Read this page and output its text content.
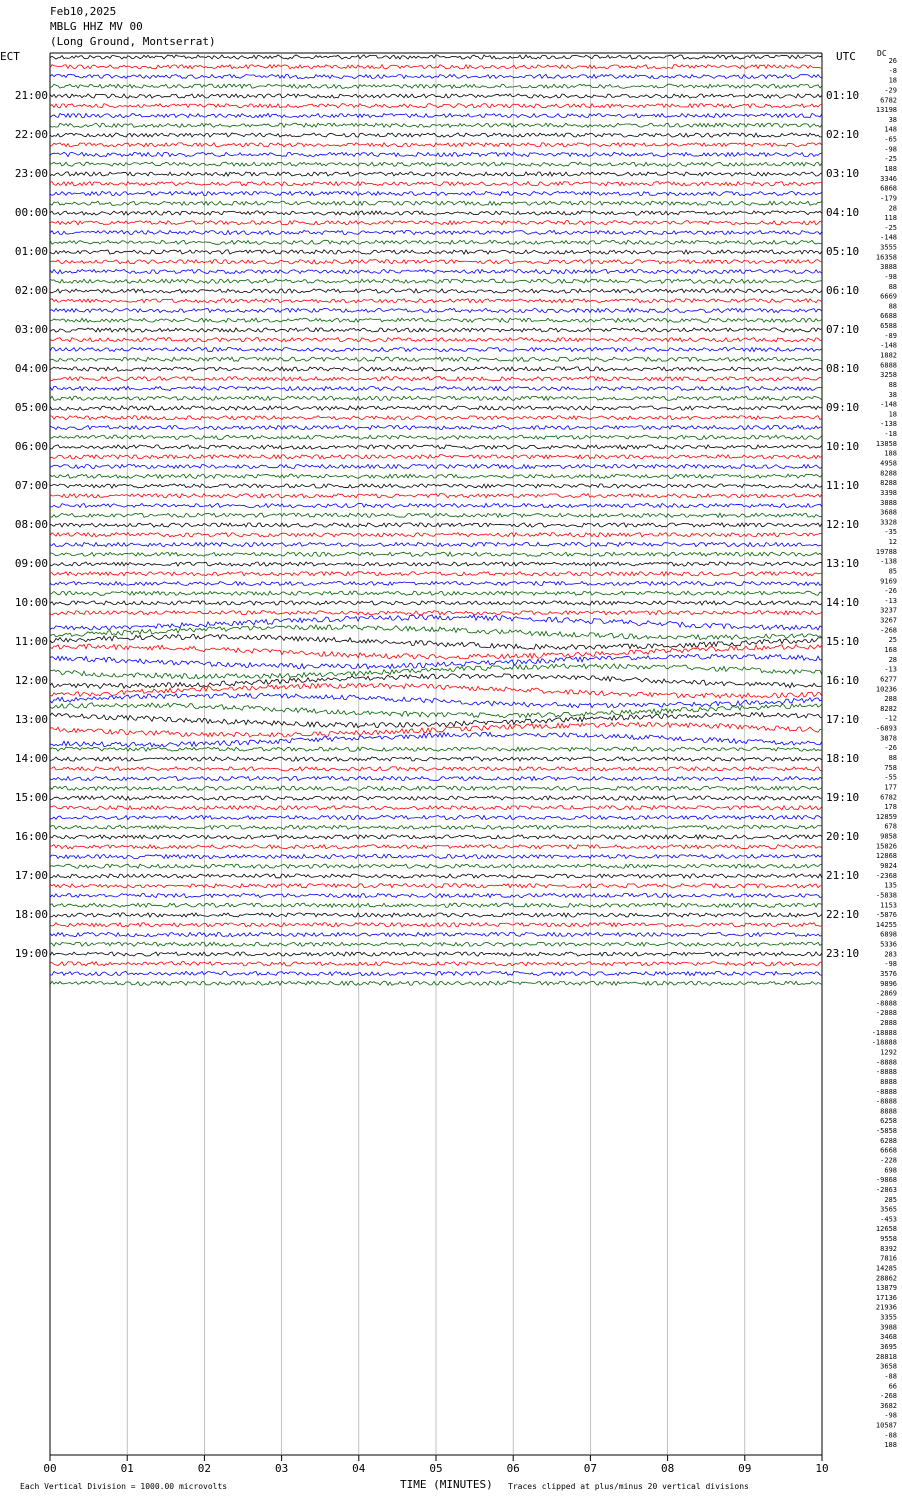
Feb10,2025
MBLG HHZ MV 00
(Long Ground, Montserrat)
ECT	UTC	DC
00	01	02	03	04	05	06	07	08	09	10
21:00
22:00
23:00
00:00
01:00
02:00
03:00
04:00
05:00
06:00
07:00
08:00
09:00
10:00
11:00
12:00
13:00
14:00
15:00
16:00
17:00
18:00
19:00
01:10
02:10
03:10
04:10
05:10
06:10
07:10
08:10
09:10
10:10
11:10
12:10
13:10
14:10
15:10
16:10
17:10
18:10
19:10
20:10
21:10
22:10
23:10
26
-8
18
-29
6782
13198
38
148
-65
-98
-25
188
3346
6868
-179
28
118
-25
-148
3555
16358
3888
-98
88
6669
88
6688
6588
-89
-148
1882
6888
3258
88
38
-148
18
-138
-18
13858
188
4958
8288
8288
3398
3888
3688
3328
-35
12
19788
-138
85
9169
-26
-13
3237
3267
-268
25
168
28
-13
6277
10236
288
8282
-12
-6893
3878
-26
88
758
-55
177
6782
178
12859
678
9858
15826
12868
9824
-2368
135
-5838
1153
-5876
14255
6898
5336
283
-98
3576
9896
2869
-8888
-2888
2888
-18888
-18888
1292
-8888
-8888
8888
-8888
-8888
8888
6258
-5858
6288
6668
-228
698
-9868
-2863
285
3565
-453
12658
9558
8392
7816
14285
28862
13879
17136
21936
3355
3988
3468
3695
28818
3658
-88
66
-268
3682
-98
10587
-88
188
TIME (MINUTES)
Each Vertical Division = 1000.00 microvolts	Traces clipped at plus/minus 20 vertical divisions
